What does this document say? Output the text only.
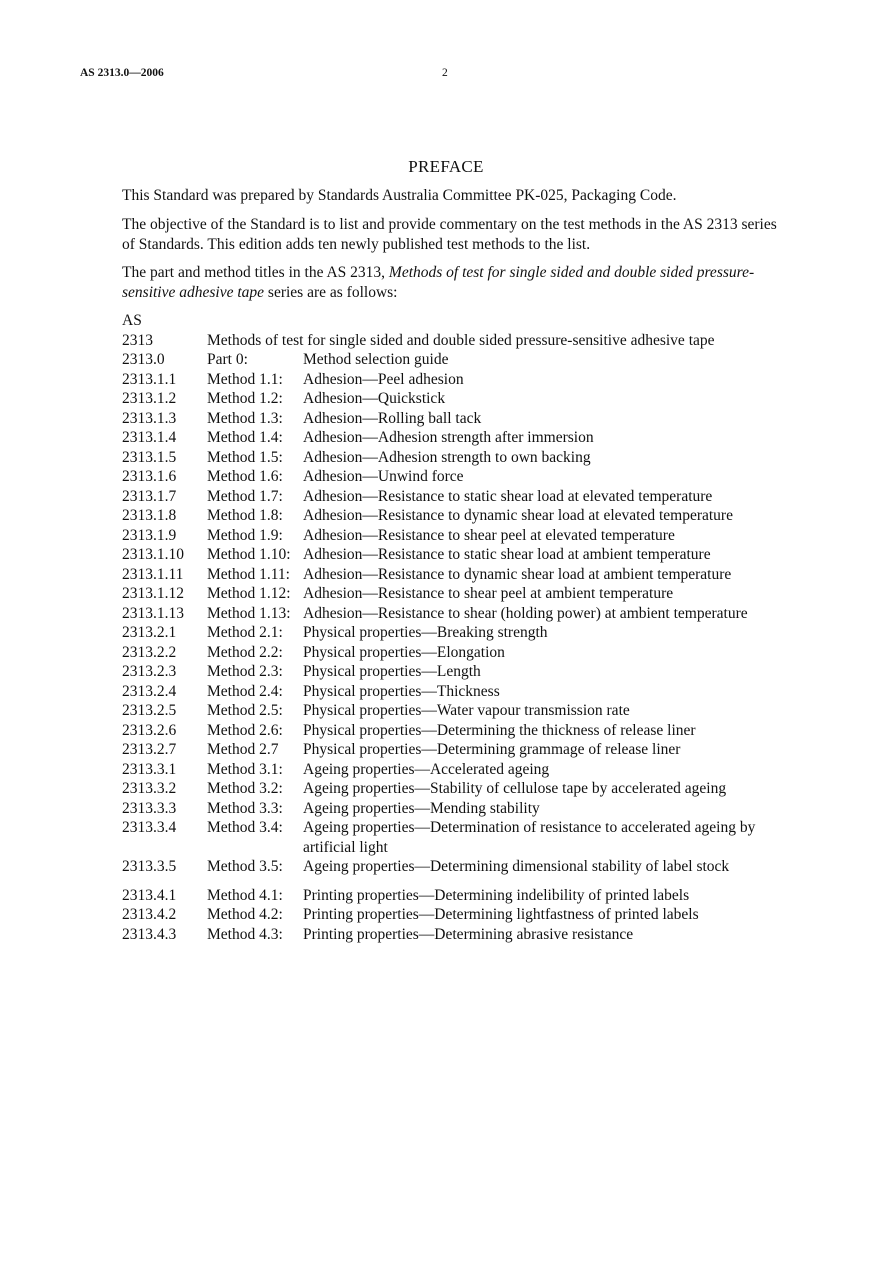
AS 2313.0—2006	2
PREFACE
This Standard was prepared by Standards Australia Committee PK-025, Packaging Code.
The objective of the Standard is to list and provide commentary on the test methods in the AS 2313 series of Standards. This edition adds ten newly published test methods to the list.
The part and method titles in the AS 2313, Methods of test for single sided and double sided pressure-sensitive adhesive tape series are as follows:
AS
2313	Methods of test for single sided and double sided pressure-sensitive adhesive tape
2313.0	Part 0:	Method selection guide
2313.1.1	Method 1.1:	Adhesion—Peel adhesion
2313.1.2	Method 1.2:	Adhesion—Quickstick
2313.1.3	Method 1.3:	Adhesion—Rolling ball tack
2313.1.4	Method 1.4:	Adhesion—Adhesion strength after immersion
2313.1.5	Method 1.5:	Adhesion—Adhesion strength to own backing
2313.1.6	Method 1.6:	Adhesion—Unwind force
2313.1.7	Method 1.7:	Adhesion—Resistance to static shear load at elevated temperature
2313.1.8	Method 1.8:	Adhesion—Resistance to dynamic shear load at elevated temperature
2313.1.9	Method 1.9:	Adhesion—Resistance to shear peel at elevated temperature
2313.1.10	Method 1.10: Adhesion—Resistance to static shear load at ambient temperature
2313.1.11	Method 1.11: Adhesion—Resistance to dynamic shear load at ambient temperature
2313.1.12	Method 1.12: Adhesion—Resistance to shear peel at ambient temperature
2313.1.13	Method 1.13: Adhesion—Resistance to shear (holding power) at ambient temperature
2313.2.1	Method 2.1:	Physical properties—Breaking strength
2313.2.2	Method 2.2:	Physical properties—Elongation
2313.2.3	Method 2.3:	Physical properties—Length
2313.2.4	Method 2.4:	Physical properties—Thickness
2313.2.5	Method 2.5:	Physical properties—Water vapour transmission rate
2313.2.6	Method 2.6:	Physical properties—Determining the thickness of release liner
2313.2.7	Method 2.7	Physical properties—Determining grammage of release liner
2313.3.1	Method 3.1:	Ageing properties—Accelerated ageing
2313.3.2	Method 3.2:	Ageing properties—Stability of cellulose tape by accelerated ageing
2313.3.3	Method 3.3:	Ageing properties—Mending stability
2313.3.4	Method 3.4:	Ageing properties—Determination of resistance to accelerated ageing by artificial light
2313.3.5	Method 3.5:	Ageing properties—Determining dimensional stability of label stock
2313.4.1	Method 4.1:	Printing properties—Determining indelibility of printed labels
2313.4.2	Method 4.2:	Printing properties—Determining lightfastness of printed labels
2313.4.3	Method 4.3:	Printing properties—Determining abrasive resistance
